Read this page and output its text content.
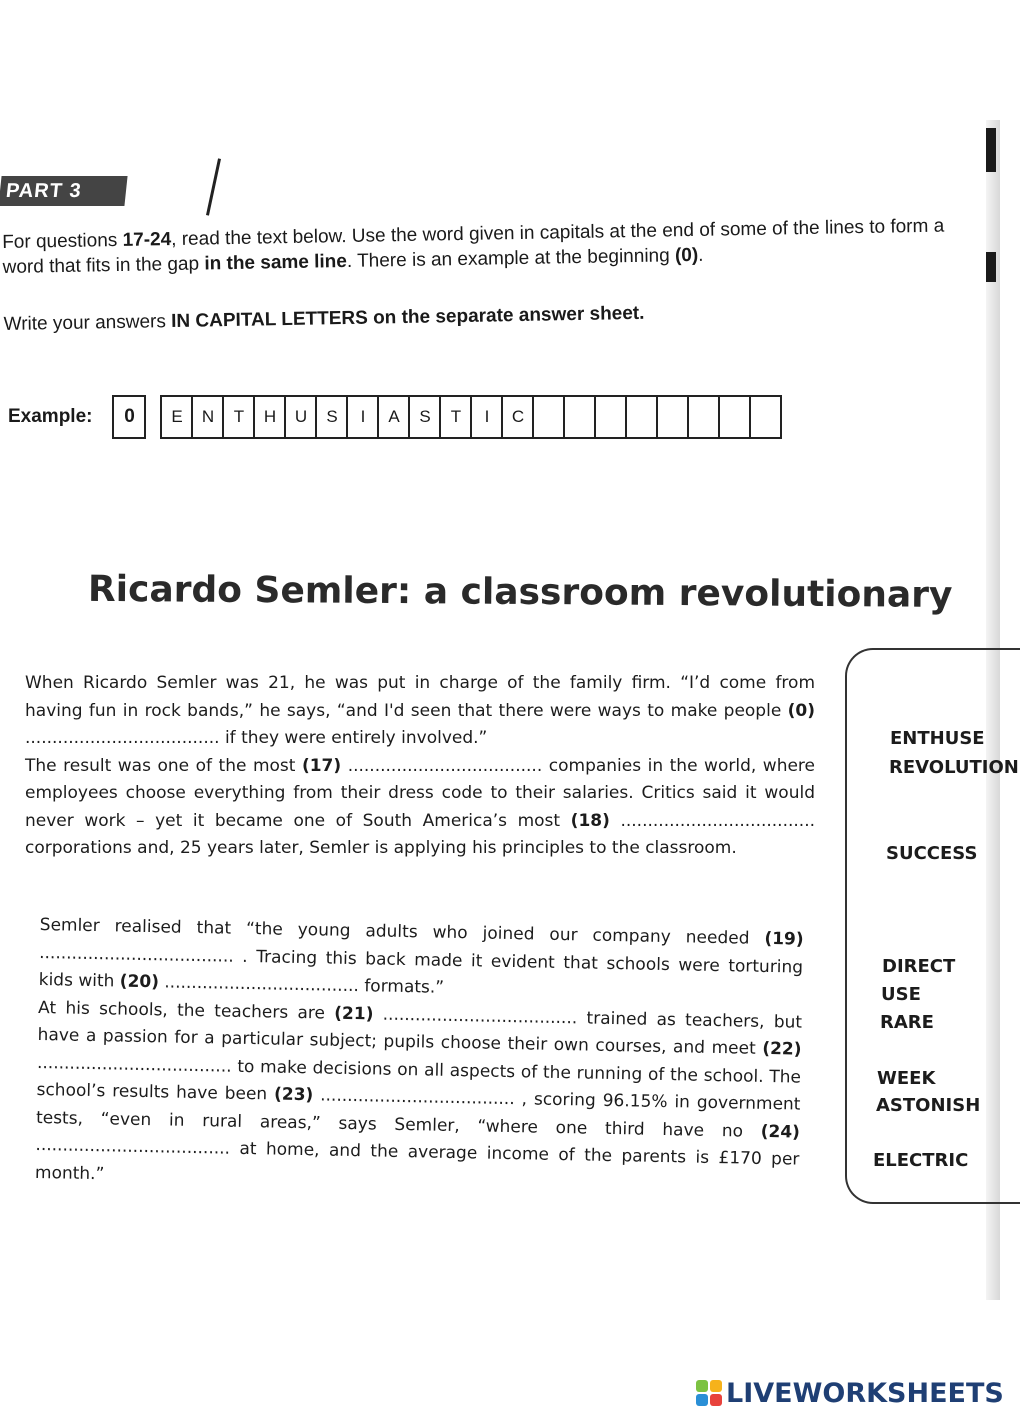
PART 3

For questions 17-24, read the text below. Use the word given in capitals at the end of some of the lines to form a word that fits in the gap in the same line. There is an example at the beginning (0).

Write your answers IN CAPITAL LETTERS on the separate answer sheet.

Example:	0	E	N	T	H	U	S	I	A	S	T	I	C
Ricardo Semler: a classroom revolutionary

When Ricardo Semler was 21, he was put in charge of the family firm. “I’d come from having fun in rock bands,” he says, “and I'd seen that there were ways to make people (0) .................................... if they were entirely involved.”

The result was one of the most (17) .................................... companies in the world, where employees choose everything from their dress code to their salaries. Critics said it would never work – yet it became one of South America’s most (18) .................................... corporations and, 25 years later, Semler is applying his principles to the classroom.

Semler realised that “the young adults who joined our company needed (19) .................................... . Tracing this back made it evident that schools were torturing kids with (20) .................................... formats.”

At his schools, the teachers are (21) .................................... trained as teachers, but have a passion for a particular subject; pupils choose their own courses, and meet (22) .................................... to make decisions on all aspects of the running of the school. The school’s results have been (23) .................................... , scoring 96.15% in government tests, “even in rural areas,” says Semler, “where one third have no (24) .................................... at home, and the average income of the parents is £170 per month.”

ENTHUSE
REVOLUTION
SUCCESS
DIRECT
USE
RARE
WEEK
ASTONISH
ELECTRIC
LIVEWORKSHEETS
